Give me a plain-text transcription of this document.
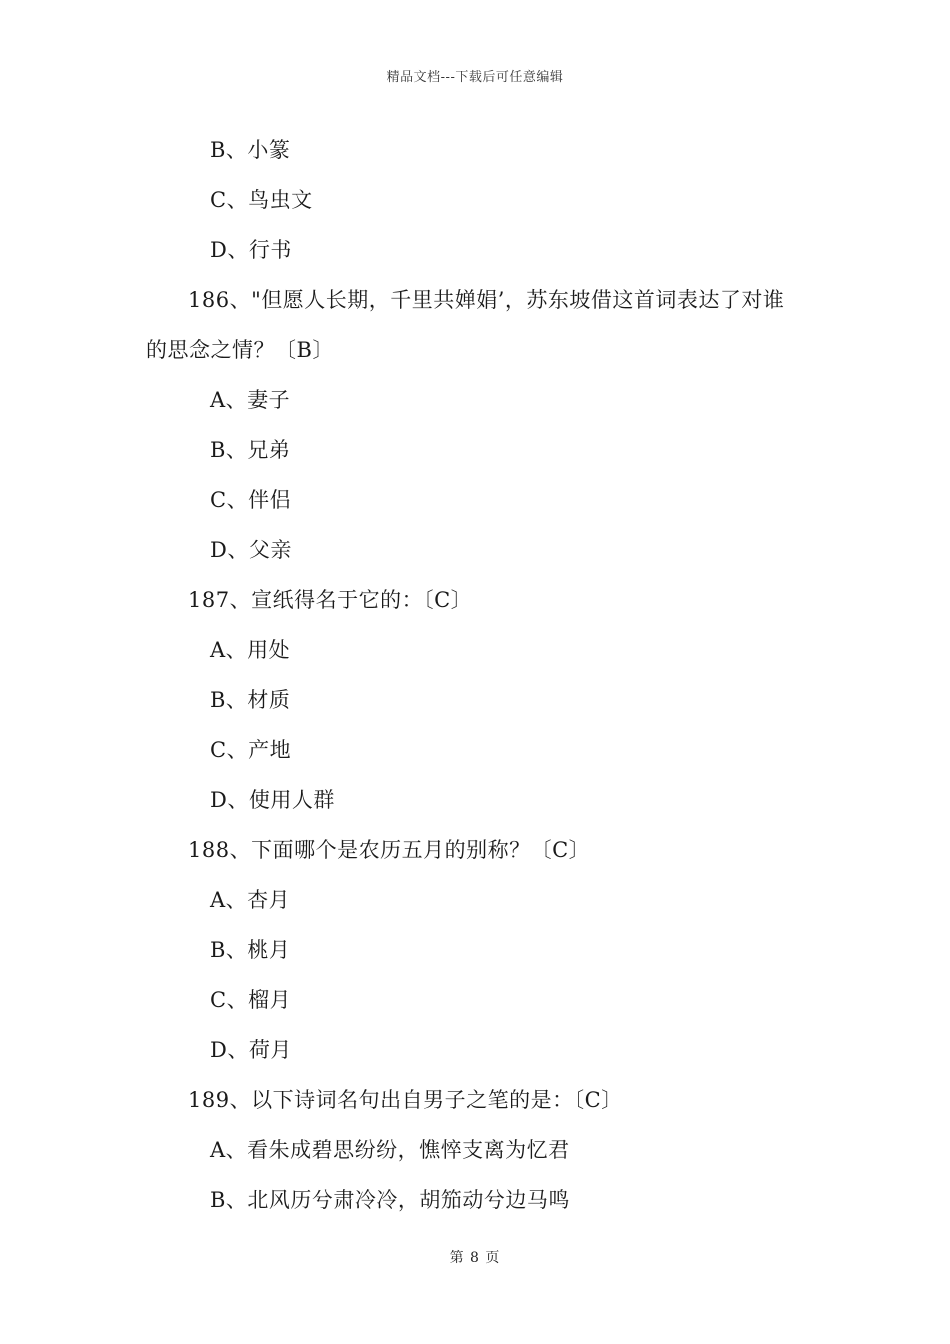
精品文档---下载后可任意编辑
B、小篆
C、鸟虫文
D、行书
186、"但愿人长期，千里共婵娟’，苏东坡借这首词表达了对谁
的思念之情？〔B〕
A、妻子
B、兄弟
C、伴侣
D、父亲
187、宣纸得名于它的：〔C〕
A、用处
B、材质
C、产地
D、使用人群
188、下面哪个是农历五月的别称？〔C〕
A、杏月
B、桃月
C、榴月
D、荷月
189、以下诗词名句出自男子之笔的是：〔C〕
A、看朱成碧思纷纷，憔悴支离为忆君
B、北风历兮肃冷冷，胡笳动兮边马鸣
第 8 页
